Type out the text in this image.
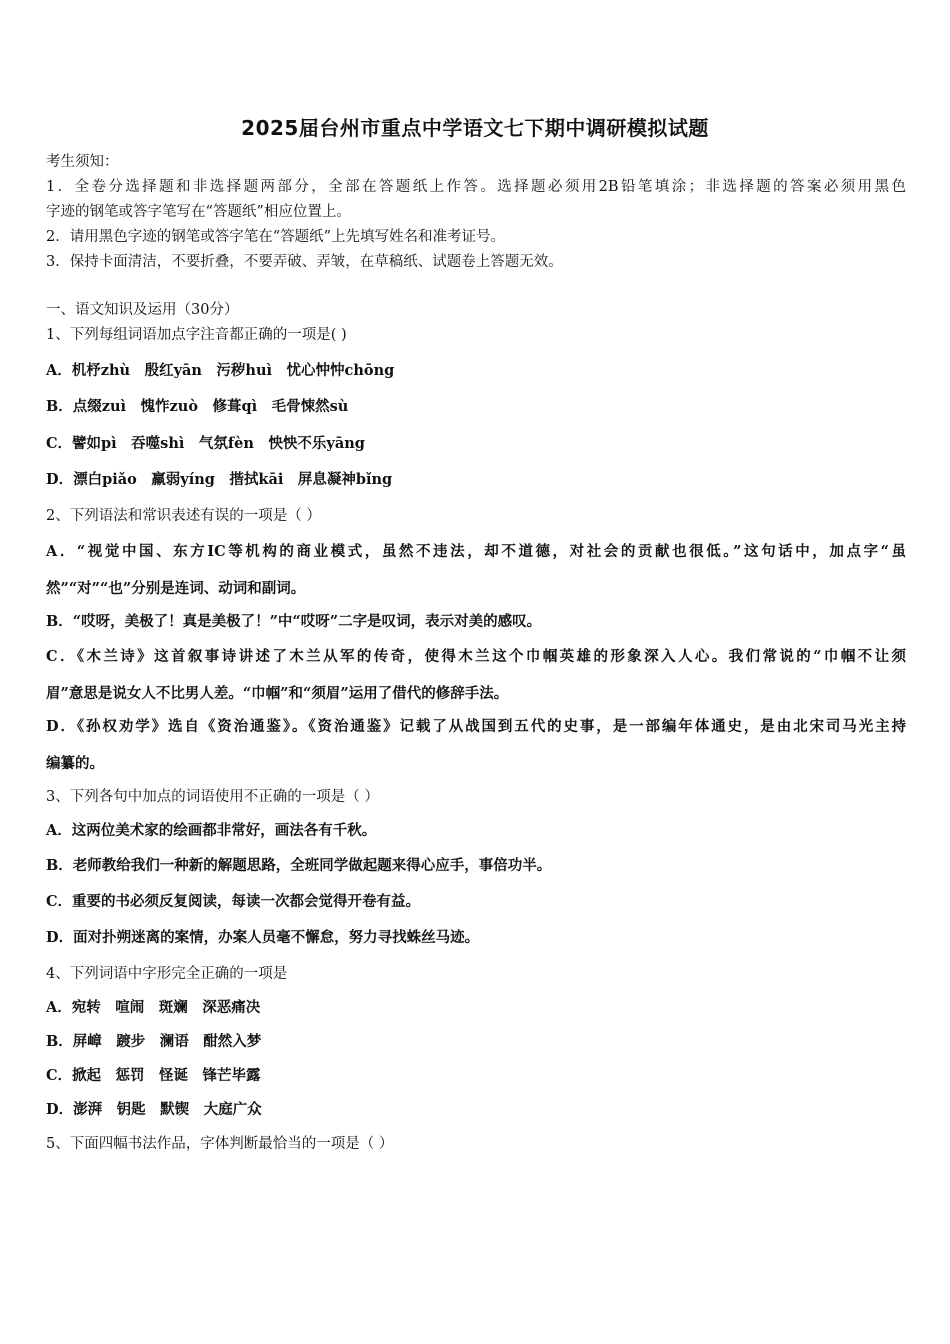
2025届台州市重点中学语文七下期中调研模拟试题
考生须知：
1．全卷分选择题和非选择题两部分，全部在答题纸上作答。选择题必须用2B铅笔填涂；非选择题的答案必须用黑色
字迹的钢笔或答字笔写在“答题纸”相应位置上。
2．请用黑色字迹的钢笔或答字笔在“答题纸”上先填写姓名和准考证号。
3．保持卡面清洁，不要折叠，不要弄破、弄皱，在草稿纸、试题卷上答题无效。
一、语文知识及运用（30分）
1、下列每组词语加点字注音都正确的一项是( )
A．机杼zhù　殷红yān　污秽huì　忧心忡忡chōng
B．点缀zuì　愧怍zuò　修葺qì　毛骨悚然sù
C．譬如pì　吞噬shì　气氛fèn　怏怏不乐yāng
D．漂白piǎo　羸弱yíng　揩拭kāi　屏息凝神bǐng
2、下列语法和常识表述有误的一项是（ ）
A．“视觉中国、东方IC等机构的商业模式，虽然不违法，却不道德，对社会的贡献也很低。”这句话中，加点字“虽
然”“对”“也”分别是连词、动词和副词。
B．“哎呀，美极了！真是美极了！”中“哎呀”二字是叹词，表示对美的感叹。
C．《木兰诗》这首叙事诗讲述了木兰从军的传奇，使得木兰这个巾帼英雄的形象深入人心。我们常说的“巾帼不让须
眉”意思是说女人不比男人差。“巾帼”和“须眉”运用了借代的修辞手法。
D．《孙权劝学》选自《资治通鉴》。《资治通鉴》记载了从战国到五代的史事，是一部编年体通史，是由北宋司马光主持
编纂的。
3、下列各句中加点的词语使用不正确的一项是（ ）
A．这两位美术家的绘画都非常好，画法各有千秋。
B．老师教给我们一种新的解题思路，全班同学做起题来得心应手，事倍功半。
C．重要的书必须反复阅读，每读一次都会觉得开卷有益。
D．面对扑朔迷离的案情，办案人员毫不懈怠，努力寻找蛛丝马迹。
4、下列词语中字形完全正确的一项是
A．宛转　喧闹　斑斓　深恶痛决
B．屏嶂　踱步　澜语　酣然入梦
C．掀起　惩罚　怪诞　锋芒毕露
D．澎湃　钥匙　默锲　大庭广众
5、下面四幅书法作品，字体判断最恰当的一项是（ ）
